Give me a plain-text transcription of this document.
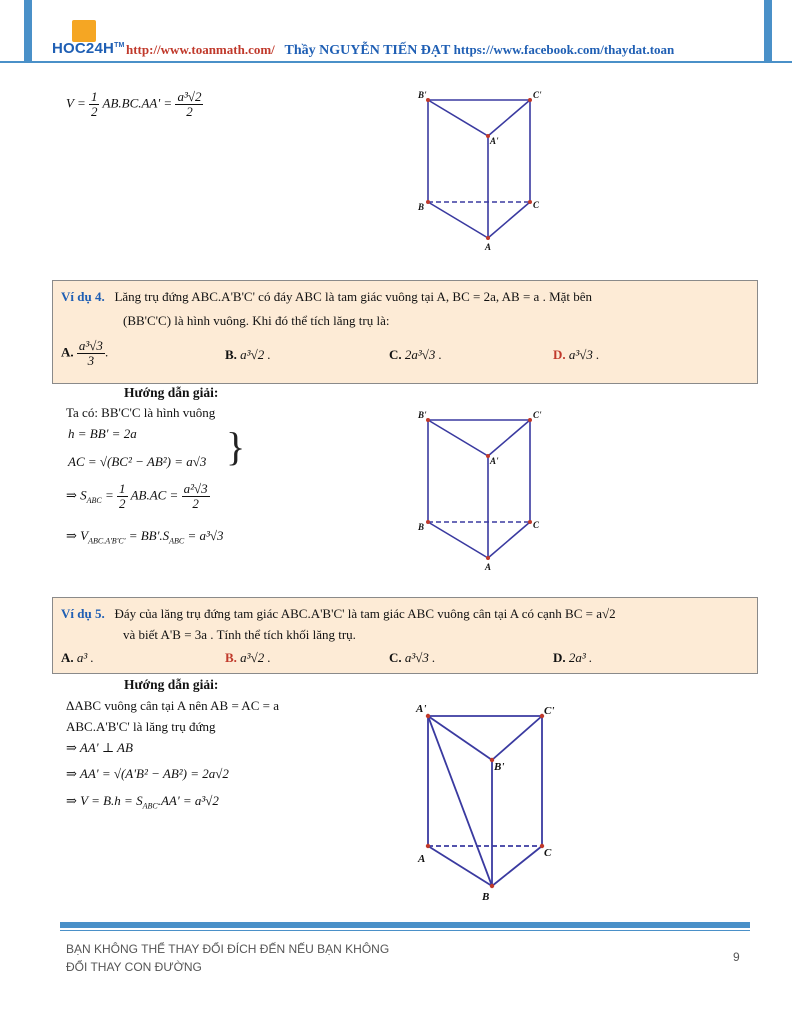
HOC24H™ http://www.toanmath.com/ Thầy NGUYỄN TIẾN ĐẠT https://www.facebook.com/thaydat.toan
$V = \frac{1}{2} AB.BC.AA' = \frac{\text{a³√2}}{2}$	B'	C'
A'
B	C
A
Ví dụ 4. Lăng trụ đứng ABC.A'B'C' có đáy ABC là tam giác vuông tại A, BC = 2a, AB = a . Mặt bên
(BB'C'C) là hình vuông. Khi đó thể tích lăng trụ là:
A. $\frac{\text{a³√3}}{3}$ .	B. a³√2 .	C. 2a³√3 .	D. a³√3 .
Hướng dẫn giải:
Ta có: BB'C'C là hình vuông
h = BB' = 2a
AC = √(BC² − AB²) = a√3 }
⇒ $S_{ABC} = \frac{1}{2} AB.AC = \frac{\text{a²√3}}{2}$
⇒ $V_{ABC.A'B'C'} = BB'.S_{ABC} = a^3√3$
B'	C'
A'
B	C
A
Ví dụ 5. Đáy của lăng trụ đứng tam giác ABC.A'B'C' là tam giác ABC vuông cân tại A có cạnh BC = a√2
và biết A'B = 3a . Tính thể tích khối lăng trụ.
A. a³ .	B. a³√2 .	C. a³√3 .	D. 2a³ .
Hướng dẫn giải:
ΔABC vuông cân tại A nên AB = AC = a
ABC.A'B'C' là lăng trụ đứng
⇒ AA' ⊥ AB
⇒ AA' = √(A'B² − AB²) = 2a√2
⇒ $V = B.h = S_{ABC}.AA' = a^3√2$
A'	C'
B'
A	C
B
BẠN KHÔNG THỂ THAY ĐỔI ĐÍCH ĐẾN NẾU BẠN KHÔNG
ĐỔI THAY CON ĐƯỜNG
9
